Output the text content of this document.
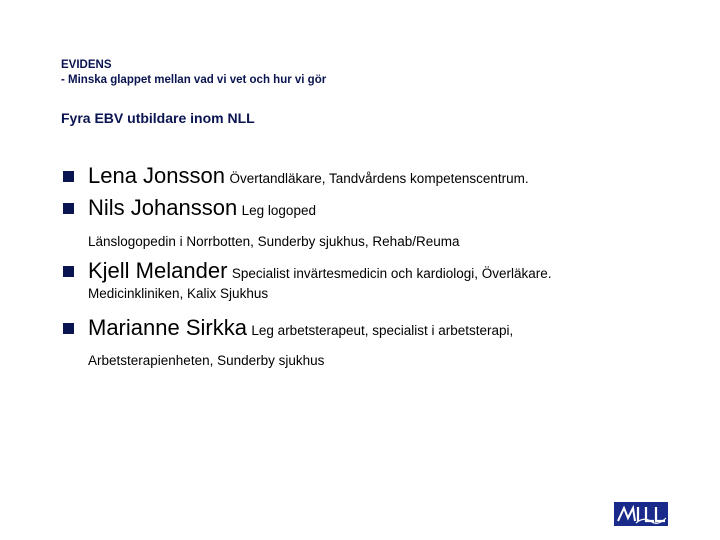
EVIDENS
- Minska glappet mellan vad vi vet och hur vi gör
Fyra EBV utbildare inom NLL
Lena Jonsson Övertandläkare, Tandvårdens kompetenscentrum.
Nils Johansson Leg logoped
Länslogopedin i Norrbotten, Sunderby sjukhus, Rehab/Reuma
Kjell Melander Specialist invärtesmedicin och kardiologi, Överläkare.
Medicinkliniken, Kalix Sjukhus
Marianne Sirkka Leg arbetsterapeut, specialist i arbetsterapi,
Arbetsterapienheten, Sunderby sjukhus
